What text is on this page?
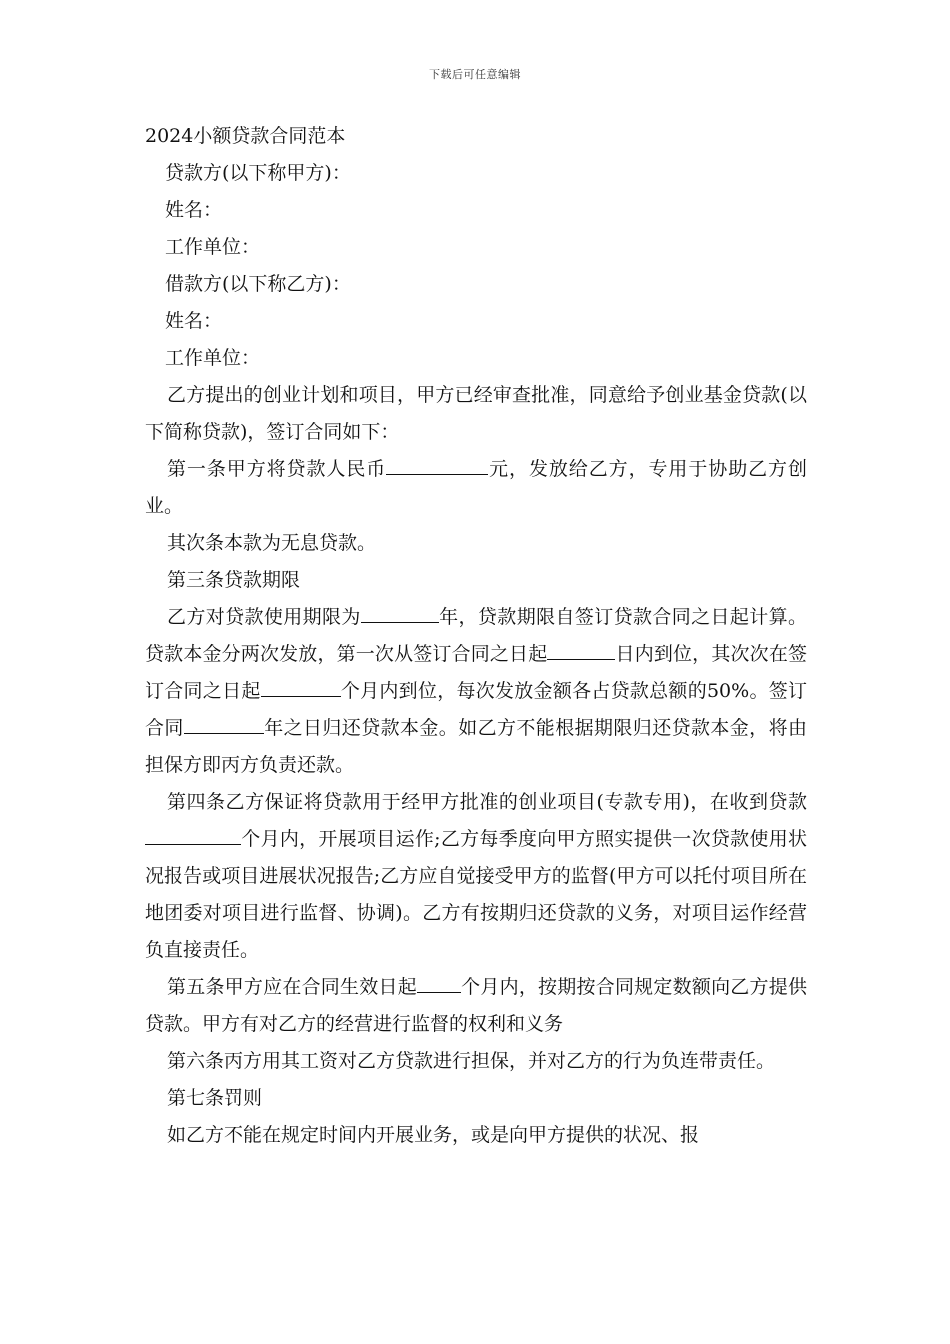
下载后可任意编辑

2024小额贷款合同范本

贷款方(以下称甲方)：

姓名：

工作单位：

借款方(以下称乙方)：

姓名：

工作单位：

乙方提出的创业计划和项目，甲方已经审查批准，同意给予创业基金贷款(以下简称贷款)，签订合同如下：

第一条甲方将贷款人民币	元，发放给乙方，专用于协助乙方创业。

其次条本款为无息贷款。

第三条贷款期限

乙方对贷款使用期限为	年，贷款期限自签订贷款合同之日起计算。贷款本金分两次发放，第一次从签订合同之日起	日内到位，其次次在签订合同之日起	个月内到位，每次发放金额各占贷款总额的50%。签订合同	年之日归还贷款本金。如乙方不能根据期限归还贷款本金，将由担保方即丙方负责还款。

第四条乙方保证将贷款用于经甲方批准的创业项目(专款专用)，在收到贷款个月内，开展项目运作;乙方每季度向甲方照实提供一次贷款使用状况报告或项目进展状况报告;乙方应自觉接受甲方的监督(甲方可以托付项目所在地团委对项目进行监督、协调)。乙方有按期归还贷款的义务，对项目运作经营负直接责任。

第五条甲方应在合同生效日起 个月内，按期按合同规定数额向乙方提供贷款。甲方有对乙方的经营进行监督的权利和义务

第六条丙方用其工资对乙方贷款进行担保，并对乙方的行为负连带责任。

第七条罚则

如乙方不能在规定时间内开展业务，或是向甲方提供的状况、报
